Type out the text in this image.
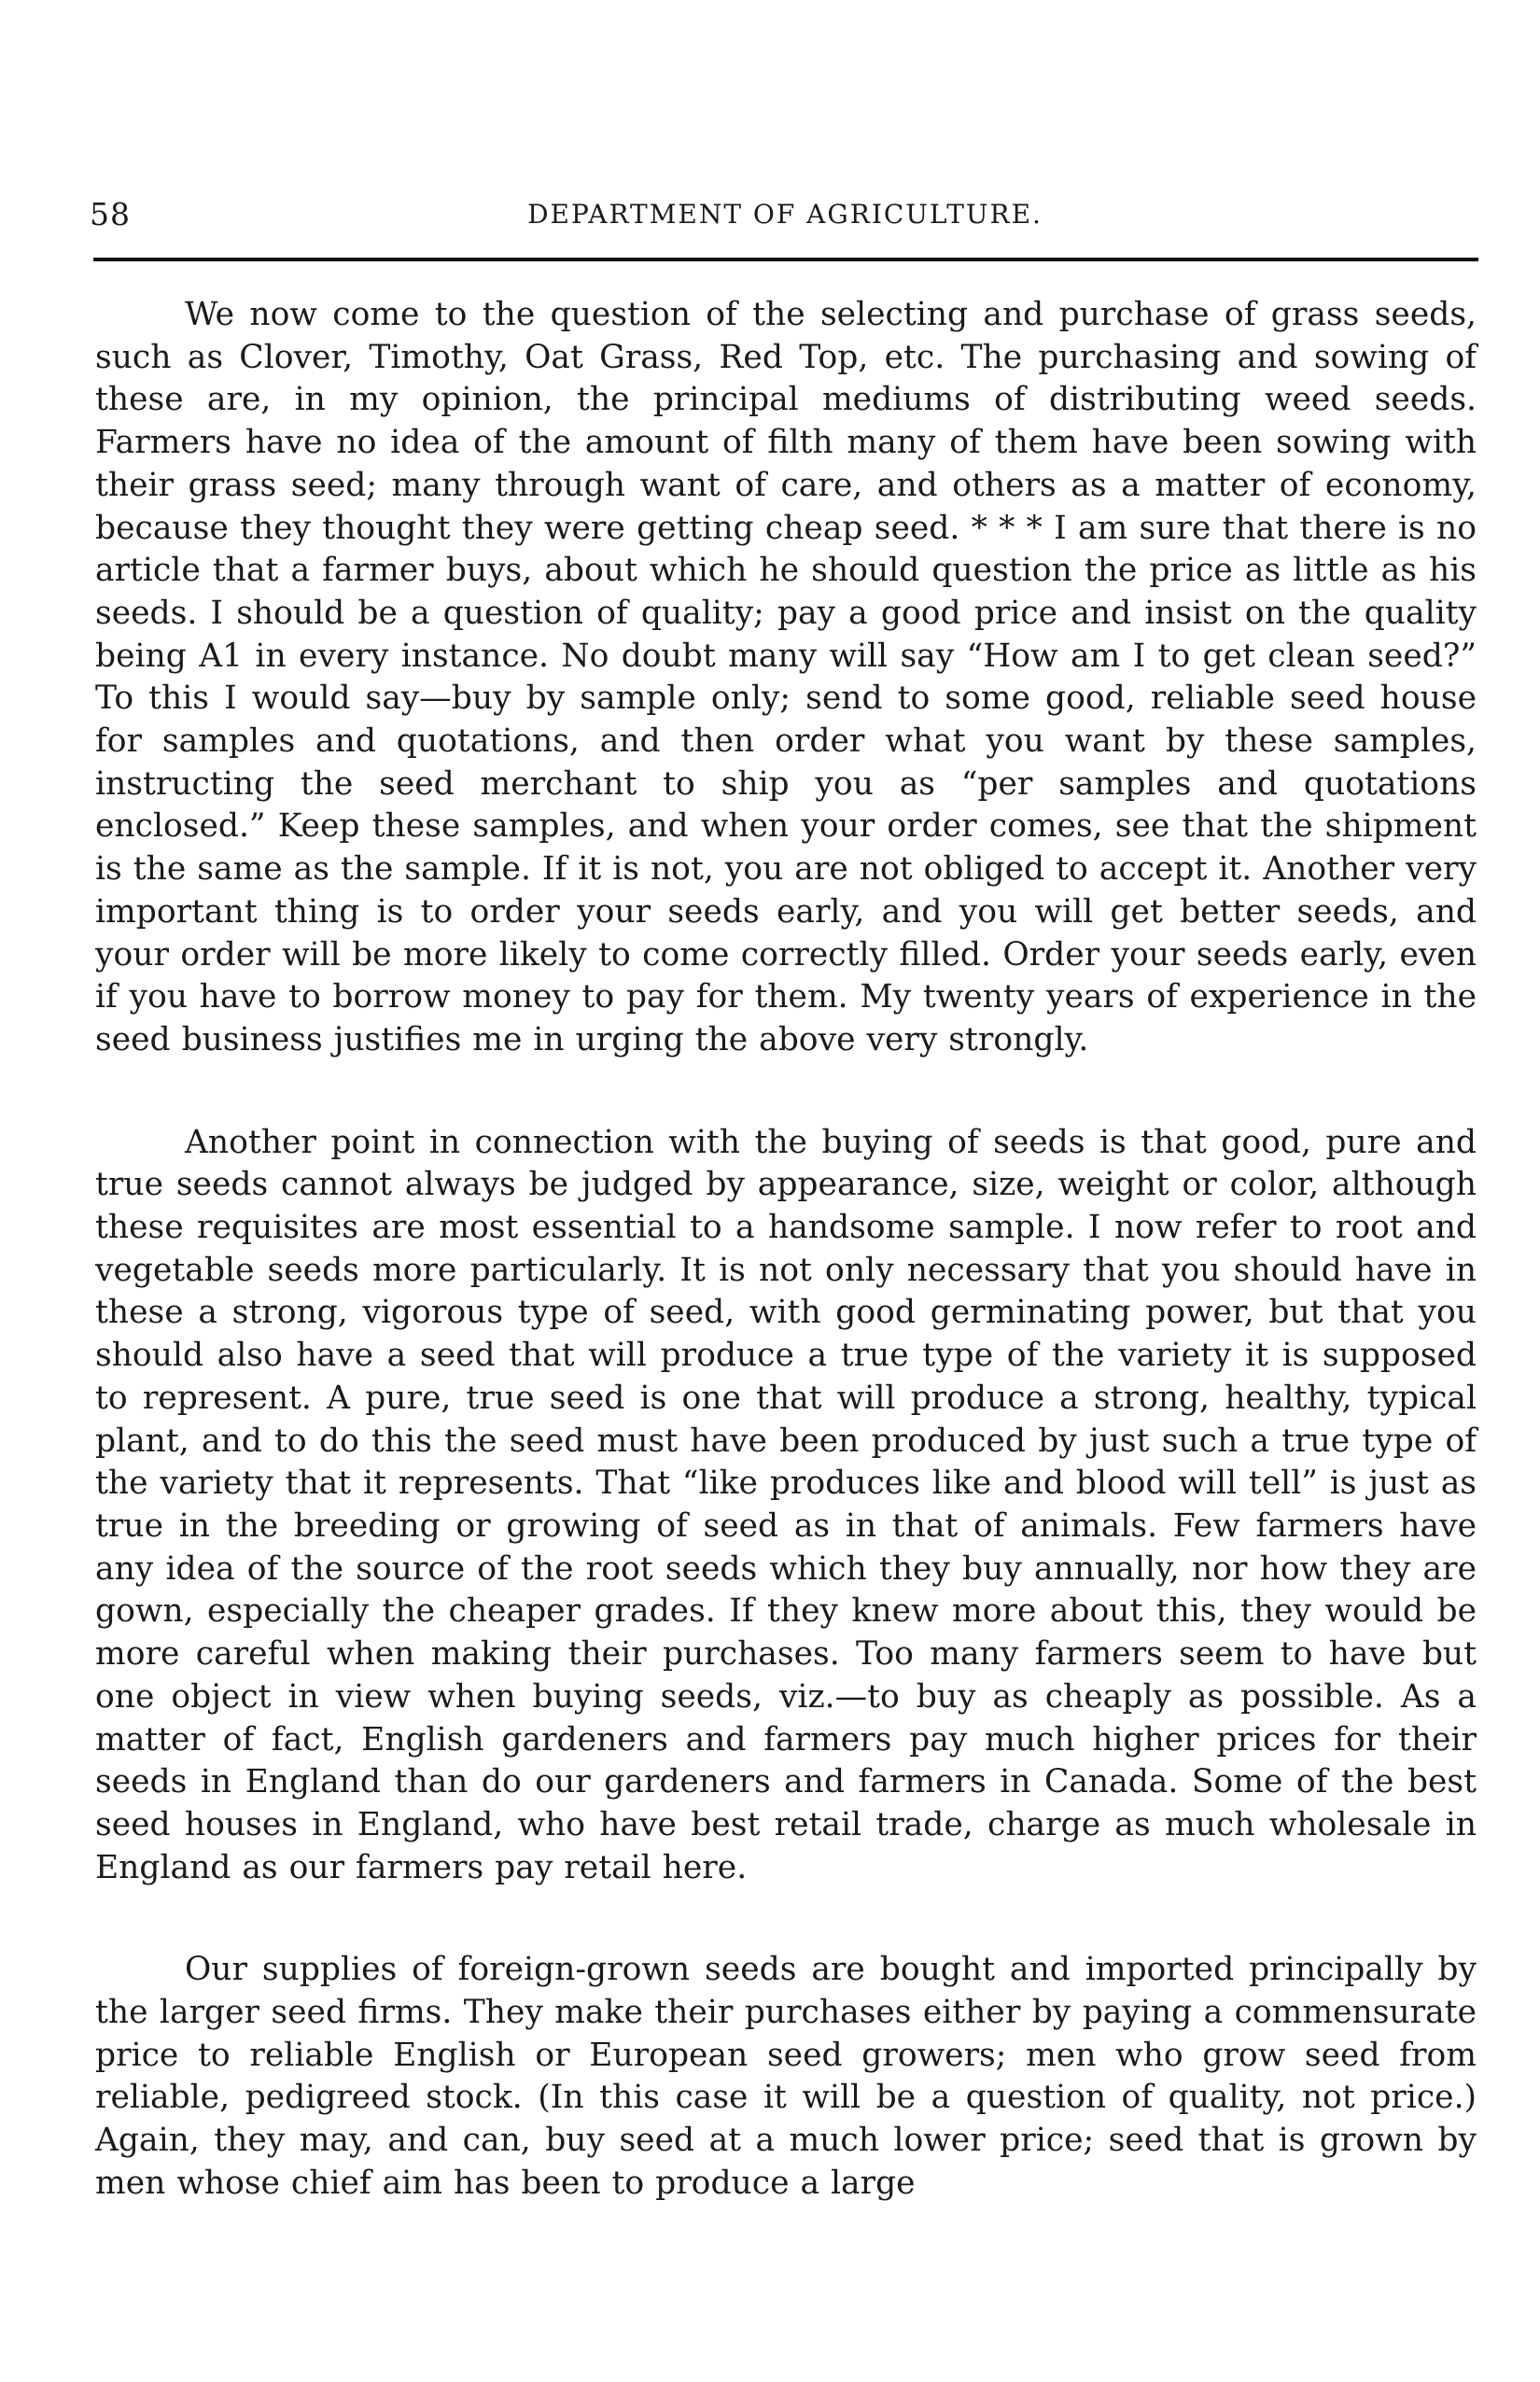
58	DEPARTMENT OF AGRICULTURE.

We now come to the question of the selecting and purchase of grass seeds, such as Clover, Timothy, Oat Grass, Red Top, etc. The purchasing and sowing of these are, in my opinion, the principal mediums of distributing weed seeds. Farmers have no idea of the amount of filth many of them have been sowing with their grass seed; many through want of care, and others as a matter of economy, because they thought they were getting cheap seed. * * * I am sure that there is no article that a farmer buys, about which he should question the price as little as his seeds. I should be a question of quality; pay a good price and insist on the quality being A1 in every instance. No doubt many will say “How am I to get clean seed?” To this I would say—buy by sample only; send to some good, reliable seed house for samples and quotations, and then order what you want by these samples, instructing the seed merchant to ship you as “per samples and quotations enclosed.” Keep these samples, and when your order comes, see that the shipment is the same as the sample. If it is not, you are not obliged to accept it. Another very important thing is to order your seeds early, and you will get better seeds, and your order will be more likely to come correctly filled. Order your seeds early, even if you have to borrow money to pay for them. My twenty years of experience in the seed business justifies me in urging the above very strongly.

Another point in connection with the buying of seeds is that good, pure and true seeds cannot always be judged by appearance, size, weight or color, although these requisites are most essential to a handsome sample. I now refer to root and vegetable seeds more particularly. It is not only necessary that you should have in these a strong, vigorous type of seed, with good germinating power, but that you should also have a seed that will produce a true type of the variety it is supposed to represent. A pure, true seed is one that will produce a strong, healthy, typical plant, and to do this the seed must have been produced by just such a true type of the variety that it represents. That “like produces like and blood will tell” is just as true in the breeding or growing of seed as in that of animals. Few farmers have any idea of the source of the root seeds which they buy annually, nor how they are gown, especially the cheaper grades. If they knew more about this, they would be more careful when making their purchases. Too many farmers seem to have but one object in view when buying seeds, viz.—to buy as cheaply as possible. As a matter of fact, English gardeners and farmers pay much higher prices for their seeds in England than do our gardeners and farmers in Canada. Some of the best seed houses in England, who have best retail trade, charge as much wholesale in England as our farmers pay retail here.

Our supplies of foreign-grown seeds are bought and imported principally by the larger seed firms. They make their purchases either by paying a commensurate price to reliable English or European seed growers; men who grow seed from reliable, pedigreed stock. (In this case it will be a question of quality, not price.) Again, they may, and can, buy seed at a much lower price; seed that is grown by men whose chief aim has been to produce a large
